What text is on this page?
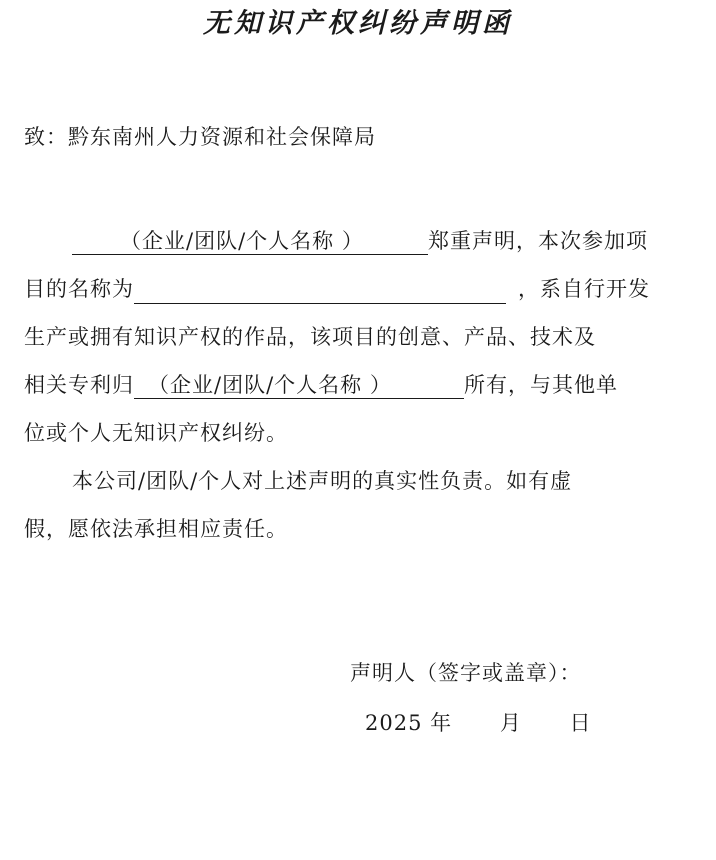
无知识产权纠纷声明函
致：黔东南州人力资源和社会保障局
（企业/团队/个人名称 ）	郑重声明，本次参加项
目的名称为	，系自行开发
生产或拥有知识产权的作品，该项目的创意、产品、技术及
相关专利归 （企业/团队/个人名称 ）	所有，与其他单
位或个人无知识产权纠纷。
本公司/团队/个人对上述声明的真实性负责。如有虚
假，愿依法承担相应责任。
声明人（签字或盖章）：
2025 年 月 日
